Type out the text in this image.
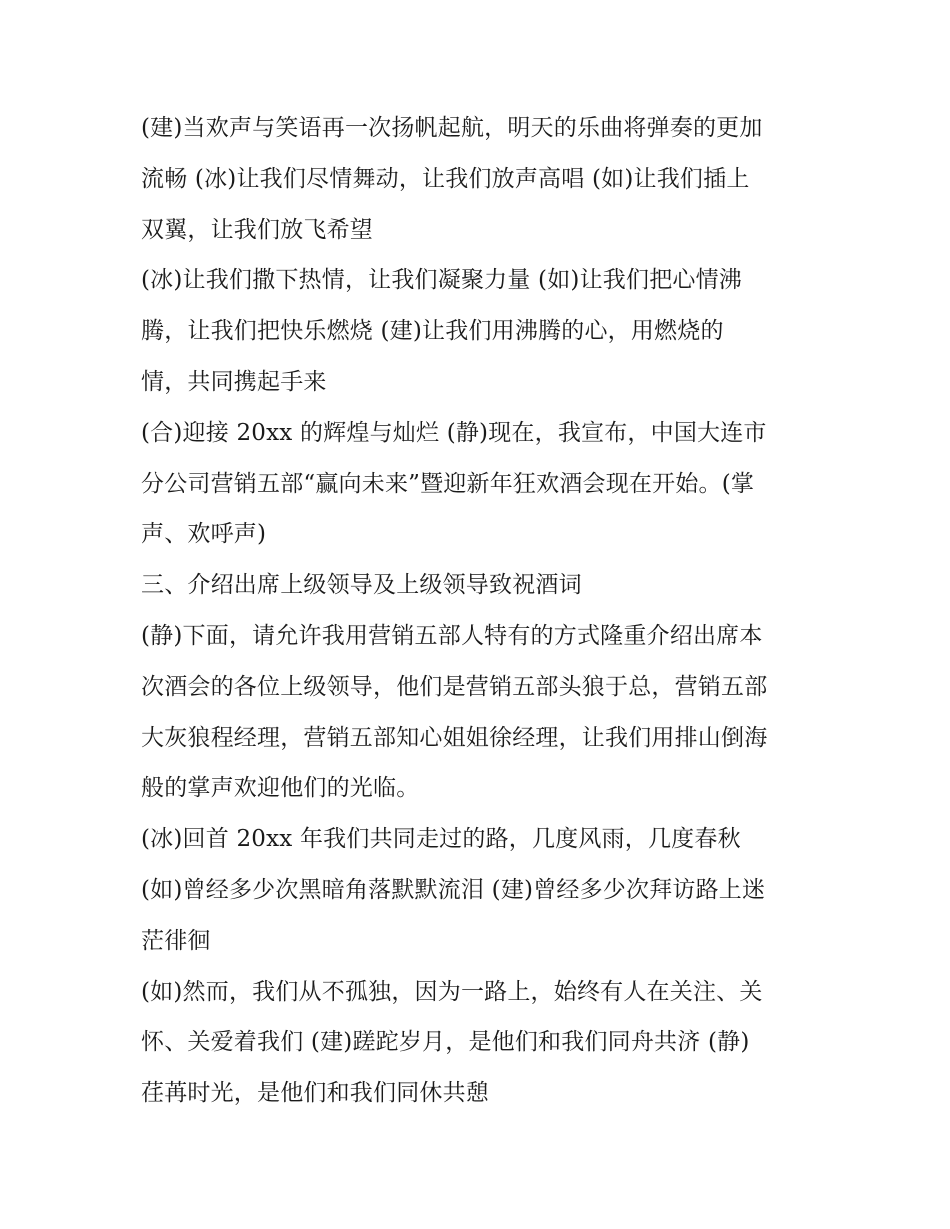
(建)当欢声与笑语再一次扬帆起航，明天的乐曲将弹奏的更加
流畅 (冰)让我们尽情舞动，让我们放声高唱 (如)让我们插上
双翼，让我们放飞希望
(冰)让我们撒下热情，让我们凝聚力量 (如)让我们把心情沸
腾，让我们把快乐燃烧 (建)让我们用沸腾的心，用燃烧的
情，共同携起手来
(合)迎接 20xx 的辉煌与灿烂 (静)现在，我宣布，中国大连市
分公司营销五部“赢向未来”暨迎新年狂欢酒会现在开始。(掌
声、欢呼声)
三、介绍出席上级领导及上级领导致祝酒词
(静)下面，请允许我用营销五部人特有的方式隆重介绍出席本
次酒会的各位上级领导，他们是营销五部头狼于总，营销五部
大灰狼程经理，营销五部知心姐姐徐经理，让我们用排山倒海
般的掌声欢迎他们的光临。
(冰)回首 20xx 年我们共同走过的路，几度风雨，几度春秋
(如)曾经多少次黑暗角落默默流泪 (建)曾经多少次拜访路上迷
茫徘徊
(如)然而，我们从不孤独，因为一路上，始终有人在关注、关
怀、关爱着我们 (建)蹉跎岁月，是他们和我们同舟共济 (静)
荏苒时光，是他们和我们同休共憩
